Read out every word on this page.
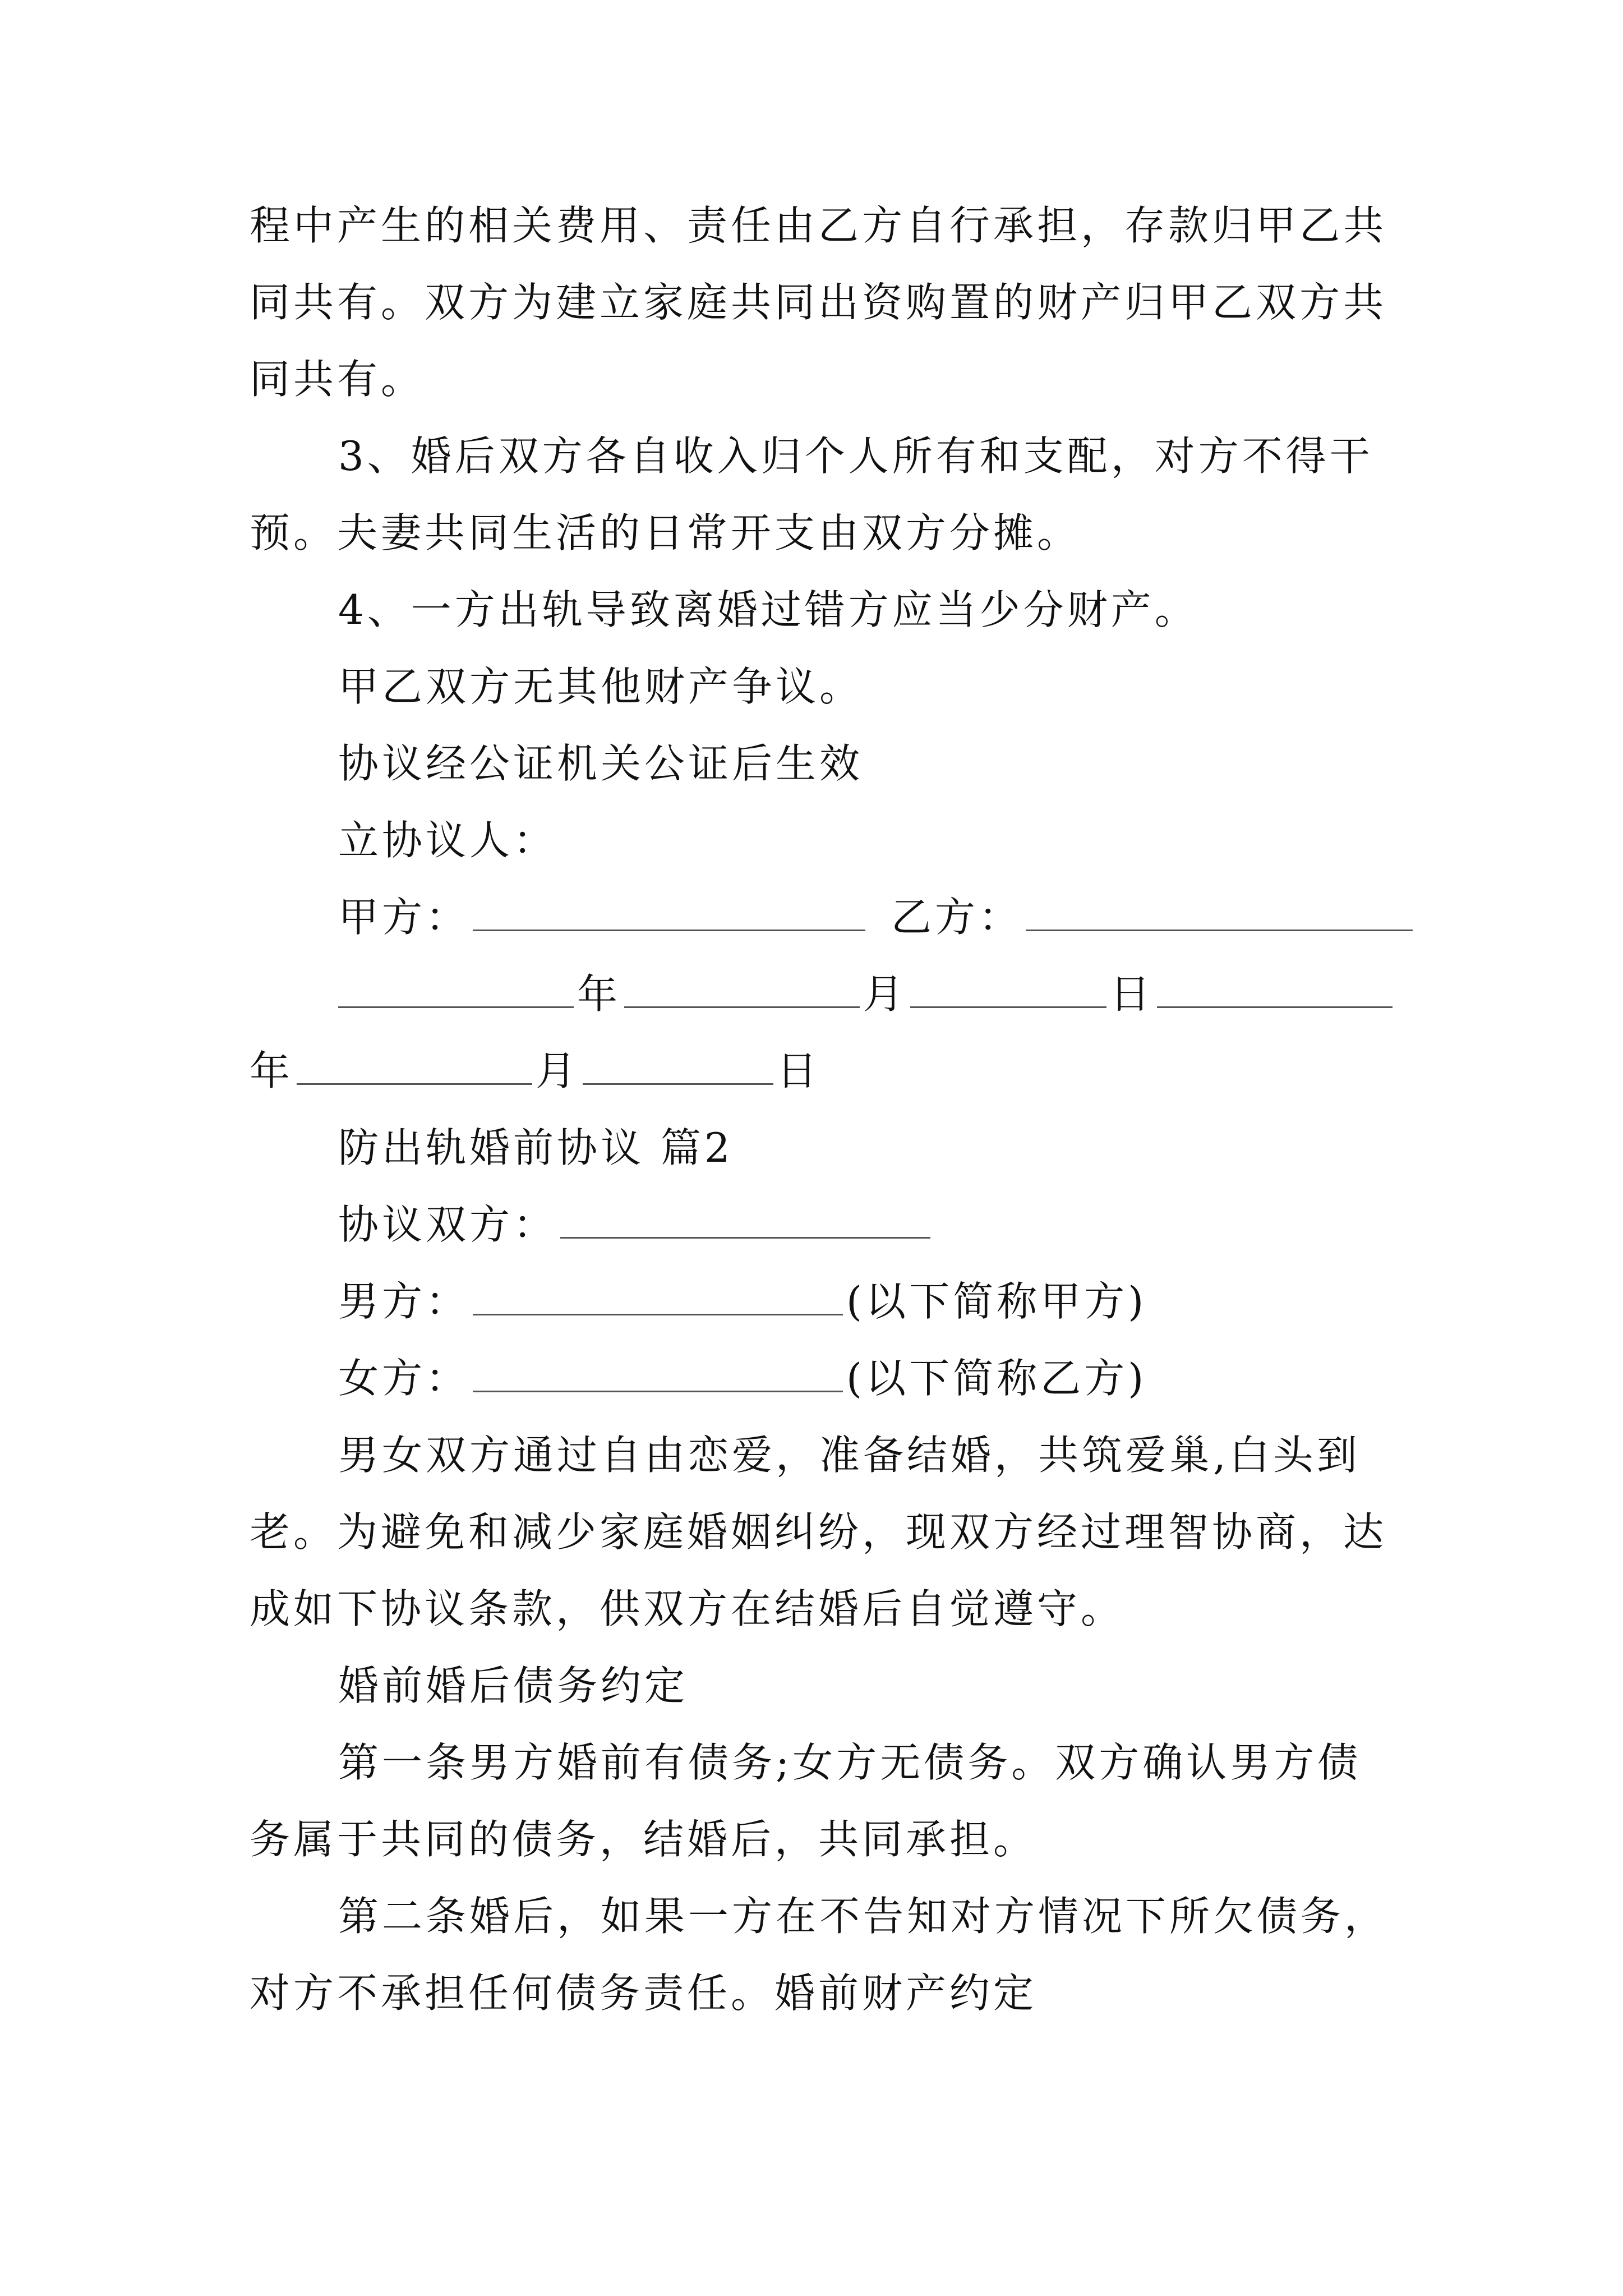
程中产生的相关费用、责任由乙方自行承担，存款归甲乙共
同共有。双方为建立家庭共同出资购置的财产归甲乙双方共
同共有。
3、婚后双方各自收入归个人所有和支配，对方不得干
预。夫妻共同生活的日常开支由双方分摊。
4、一方出轨导致离婚过错方应当少分财产。
甲乙双方无其他财产争议。
协议经公证机关公证后生效
立协议人：
甲方：	乙方：
年	月	日
年	月	日
防出轨婚前协议 篇2
协议双方：
男方：	(以下简称甲方)
女方：	(以下简称乙方)
男女双方通过自由恋爱，准备结婚，共筑爱巢,白头到
老。为避免和减少家庭婚姻纠纷，现双方经过理智协商，达
成如下协议条款，供双方在结婚后自觉遵守。
婚前婚后债务约定
第一条男方婚前有债务;女方无债务。双方确认男方债
务属于共同的债务，结婚后，共同承担。
第二条婚后，如果一方在不告知对方情况下所欠债务，
对方不承担任何债务责任。婚前财产约定
